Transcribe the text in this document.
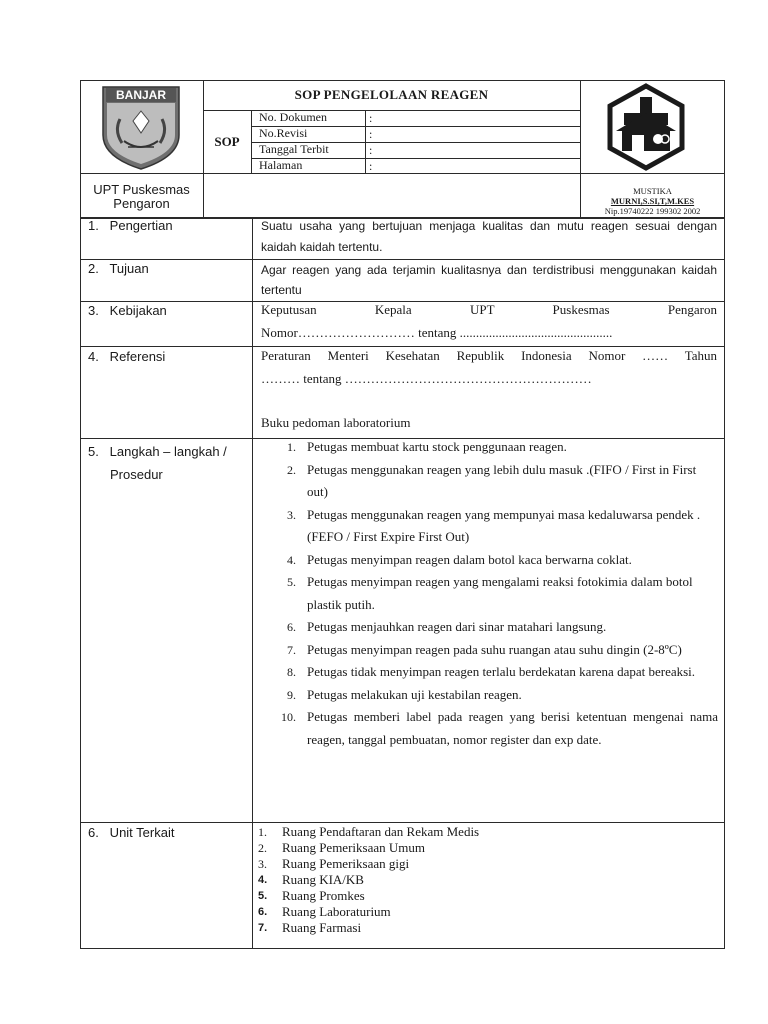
BANJAR	SOP PENGELOLAAN REAGEN
SOP
No. Dokumen	:
No.Revisi	:
Tanggal Terbit	:
Halaman	:
UPT Puskesmas
Pengaron
MUSTIKA
MURNI,S.SI,T,M.KES
Nip.19740222 199302 2002
1.   Pengertian	Suatu usaha yang bertujuan menjaga kualitas dan mutu reagen sesuai dengan kaidah kaidah tertentu.
2.   Tujuan	Agar reagen yang ada terjamin kualitasnya dan terdistribusi menggunakan kaidah tertentu
3.   Kebijakan	Keputusan Kepala UPT Puskesmas Pengaron
Nomor……………………… tentang ...............................................
4.   Referensi	Peraturan Menteri Kesehatan Republik Indonesia Nomor …… Tahun
……… tentang …………………………………………………
Buku pedoman laboratorium
5.   Langkah – langkah /
Prosedur
1. Petugas membuat kartu stock penggunaan reagen.
2. Petugas menggunakan reagen yang lebih dulu masuk .(FIFO / First in First out)
3. Petugas menggunakan reagen yang mempunyai masa kedaluwarsa pendek .(FEFO / First Expire First Out)
4. Petugas menyimpan reagen dalam botol kaca berwarna coklat.
5. Petugas menyimpan reagen yang mengalami reaksi fotokimia dalam botol plastik putih.
6. Petugas menjauhkan reagen dari sinar matahari langsung.
7. Petugas menyimpan reagen pada suhu ruangan atau suhu dingin (2-8ºC)
8. Petugas tidak menyimpan reagen terlalu berdekatan karena dapat bereaksi.
9. Petugas melakukan uji kestabilan reagen.
10. Petugas memberi label pada reagen yang berisi ketentuan mengenai nama reagen, tanggal pembuatan, nomor register dan exp date.
6.   Unit Terkait	1. Ruang Pendaftaran dan Rekam Medis
2. Ruang Pemeriksaan Umum
3. Ruang Pemeriksaan gigi
4. Ruang KIA/KB
5. Ruang Promkes
6. Ruang Laboraturium
7. Ruang Farmasi
